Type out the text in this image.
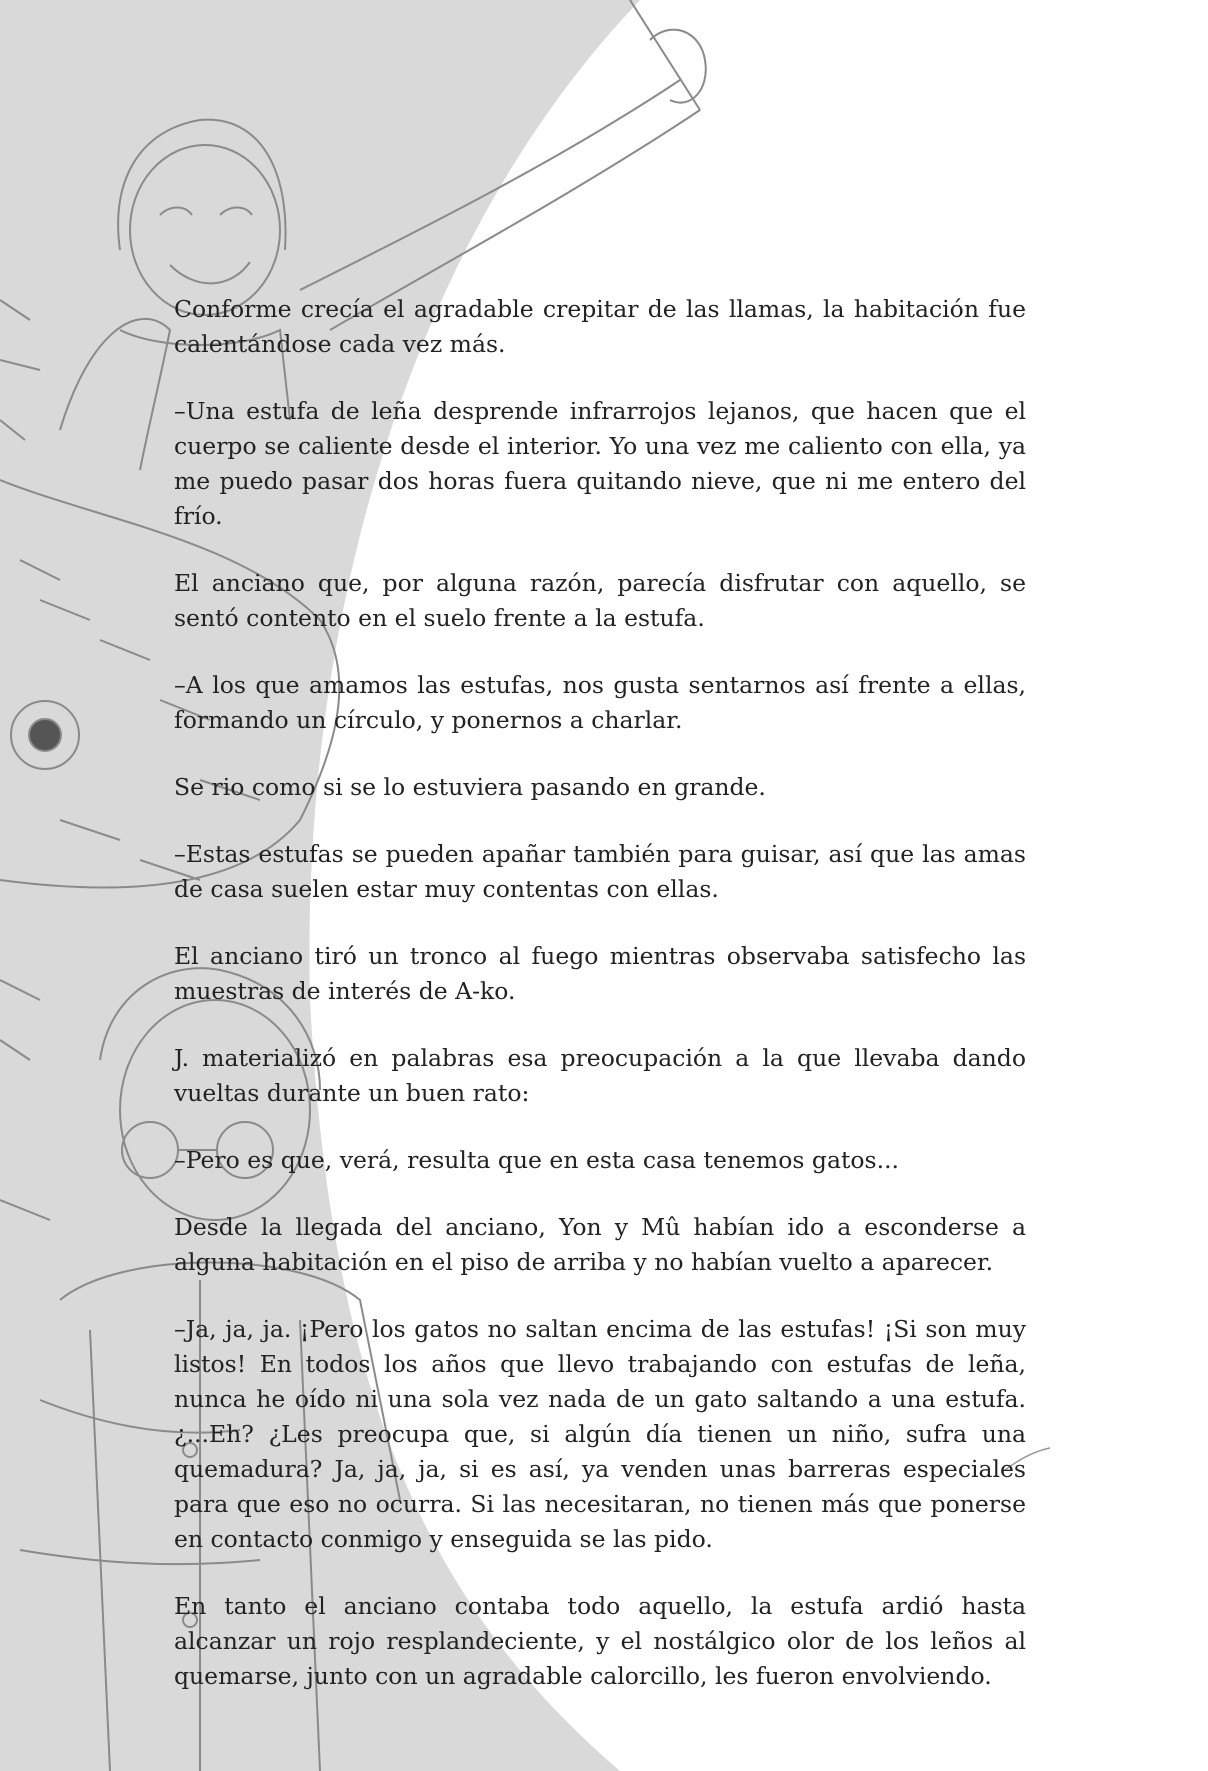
Conforme crecía el agradable crepitar de las llamas, la habitación fue calentándose cada vez más.

–Una estufa de leña desprende infrarrojos lejanos, que hacen que el cuerpo se caliente desde el interior. Yo una vez me caliento con ella, ya me puedo pasar dos horas fuera quitando nieve, que ni me entero del frío.

El anciano que, por alguna razón, parecía disfrutar con aquello, se sentó contento en el suelo frente a la estufa.

–A los que amamos las estufas, nos gusta sentarnos así frente a ellas, formando un círculo, y ponernos a charlar.

Se rio como si se lo estuviera pasando en grande.

–Estas estufas se pueden apañar también para guisar, así que las amas de casa suelen estar muy contentas con ellas.

El anciano tiró un tronco al fuego mientras observaba satisfecho las muestras de interés de A-ko.

J. materializó en palabras esa preocupación a la que llevaba dando vueltas durante un buen rato:

–Pero es que, verá, resulta que en esta casa tenemos gatos...

Desde la llegada del anciano, Yon y Mû habían ido a esconderse a alguna habitación en el piso de arriba y no habían vuelto a aparecer.

–Ja, ja, ja. ¡Pero los gatos no saltan encima de las estufas! ¡Si son muy listos! En todos los años que llevo trabajando con estufas de leña, nunca he oído ni una sola vez nada de un gato saltando a una estufa. ¿...Eh? ¿Les preocupa que, si algún día tienen un niño, sufra una quemadura? Ja, ja, ja, si es así, ya venden unas barreras especiales para que eso no ocurra. Si las necesitaran, no tienen más que ponerse en contacto conmigo y enseguida se las pido.

En tanto el anciano contaba todo aquello, la estufa ardió hasta alcanzar un rojo resplandeciente, y el nostálgico olor de los leños al quemarse, junto con un agradable calorcillo, les fueron envolviendo.
